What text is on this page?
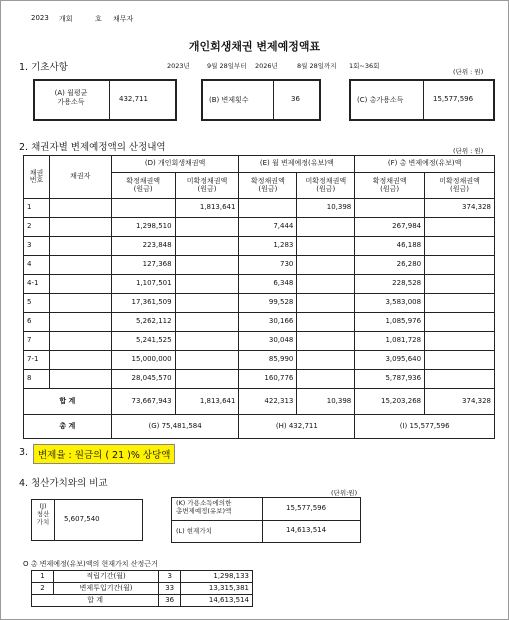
2023 개회	호 채무자
개인회생채권 변제예정액표
1. 기초사항	2023년	9월 28일부터 2026년	8월 28일까지 1회~36회
(단위 : 원)
(A) 월평균
가용소득	432,711	(B) 변제횟수	36	(C) 총가용소득	15,577,596
2. 채권자별 변제예정액의 산정내역	(단위 : 원)
채권
번호	채권자	(D) 개인회생채권액		(E) 월 변제예정(유보)액		(F) 총 변제예정(유보)액	
		확정채권액
(원금)	미확정채권액
(원금)	확정채권액
(원금)	미확정채권액
(원금)	확정채권액
(원금)	미확정채권액
(원금)
1			1,813,641		10,398		374,328
2		1,298,510		7,444		267,984	
3		223,848		1,283		46,188	
4		127,368		730		26,280	
4-1		1,107,501		6,348		228,528	
5		17,361,509		99,528		3,583,008	
6		5,262,112		30,166		1,085,976	
7		5,241,525		30,048		1,081,728	
7-1		15,000,000		85,990		3,095,640	
8		28,045,570		160,776		5,787,936	
합 계		73,667,943	1,813,641	422,313	10,398	15,203,268	374,328
총 계		(G) 75,481,584		(H) 432,711		(I) 15,577,596	
3.	변제율 : 원금의 ( 21 )% 상당액
4. 청산가치와의 비교
(단위:원)
(J)
청산
가치	5,607,540
(K) 가용소득에의한
총변제예정(유보)액	15,577,596
(L) 현재가치	14,613,514
O 총 변제예정(유보)액의 현재가치 산정근거
1	적립기간(월)	3	1,298,133
2	변제투입기간(월)	33	13,315,381
합 계		36	14,613,514
